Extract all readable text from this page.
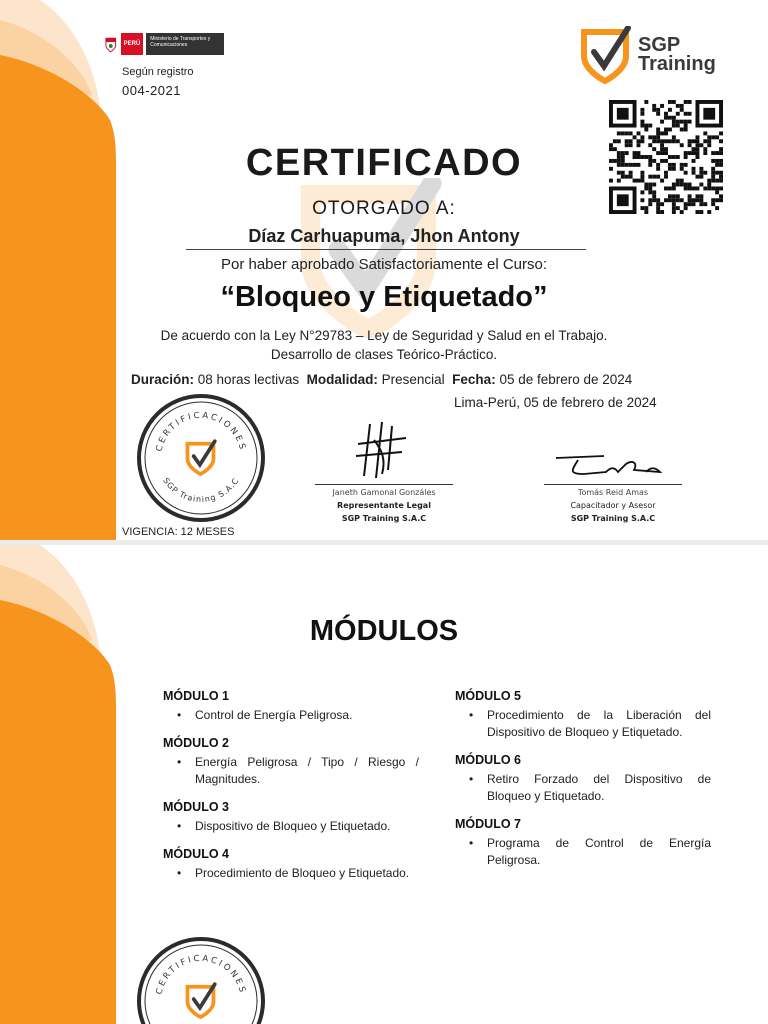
PERÚ
Ministerio de Transportes y Comunicaciones
Según registro
004-2021
SGP
Training
CERTIFICADO
OTORGADO A:
Díaz Carhuapuma, Jhon Antony
Por haber aprobado Satisfactoriamente el Curso:
“Bloqueo y Etiquetado”
De acuerdo con la Ley N°29783 – Ley de Seguridad y Salud en el Trabajo.
Desarrollo de clases Teórico-Práctico.
Duración: 08 horas lectivas Modalidad: Presencial Fecha: 05 de febrero de 2024
Lima-Perú, 05 de febrero de 2024
CERTIFICACIONES
SGP Training S.A.C
VIGENCIA: 12 MESES
Janeth Gamonal Gonzáles
Representante Legal
SGP Training S.A.C
Tomás Reid Amas
Capacitador y Asesor
SGP Training S.A.C
MÓDULOS
MÓDULO 1
• Control de Energía Peligrosa.
MÓDULO 2
• Energía Peligrosa / Tipo / Riesgo / Magnitudes.
MÓDULO 3
• Dispositivo de Bloqueo y Etiquetado.
MÓDULO 4
• Procedimiento de Bloqueo y Etiquetado.
MÓDULO 5
• Procedimiento de la Liberación del Dispositivo de Bloqueo y Etiquetado.
MÓDULO 6
• Retiro Forzado del Dispositivo de Bloqueo y Etiquetado.
MÓDULO 7
• Programa de Control de Energía Peligrosa.
CERTIFICACIONES
